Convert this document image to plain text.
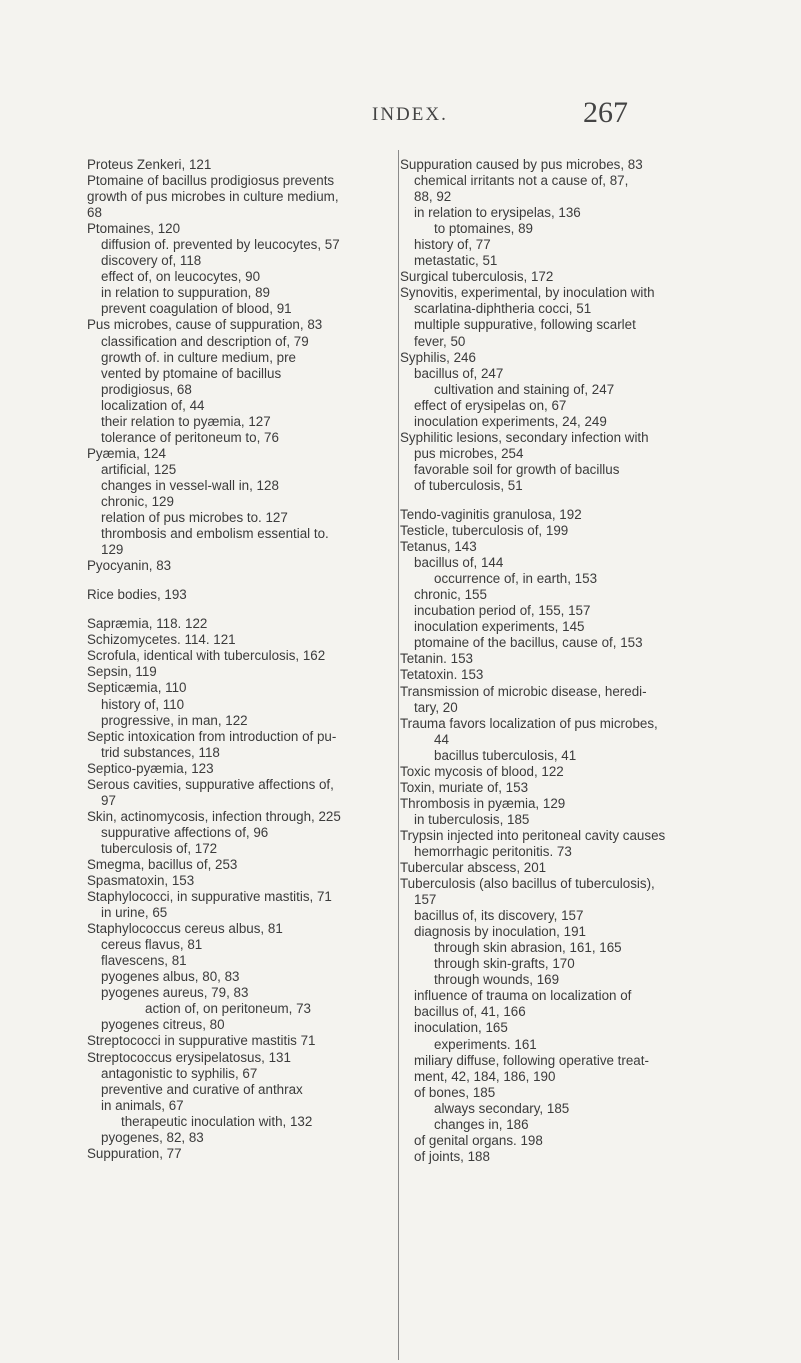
INDEX.	267
Proteus Zenkeri, 121
Ptomaine of bacillus prodigiosus prevents
growth of pus microbes in culture medium,
68
Ptomaines, 120
diffusion of. prevented by leucocytes, 57
discovery of, 118
effect of, on leucocytes, 90
in relation to suppuration, 89
prevent coagulation of blood, 91
Pus microbes, cause of suppuration, 83
classification and description of, 79
growth of. in culture medium, pre
vented by ptomaine of bacillus
prodigiosus, 68
localization of, 44
their relation to pyæmia, 127
tolerance of peritoneum to, 76
Pyæmia, 124
artificial, 125
changes in vessel-wall in, 128
chronic, 129
relation of pus microbes to. 127
thrombosis and embolism essential to.
129
Pyocyanin, 83
Rice bodies, 193
Sapræmia, 118. 122
Schizomycetes. 114. 121
Scrofula, identical with tuberculosis, 162
Sepsin, 119
Septicæmia, 110
history of, 110
progressive, in man, 122
Septic intoxication from introduction of pu-
trid substances, 118
Septico-pyæmia, 123
Serous cavities, suppurative affections of,
97
Skin, actinomycosis, infection through, 225
suppurative affections of, 96
tuberculosis of, 172
Smegma, bacillus of, 253
Spasmatoxin, 153
Staphylococci, in suppurative mastitis, 71
in urine, 65
Staphylococcus cereus albus, 81
cereus flavus, 81
flavescens, 81
pyogenes albus, 80, 83
pyogenes aureus, 79, 83
action of, on peritoneum, 73
pyogenes citreus, 80
Streptococci in suppurative mastitis 71
Streptococcus erysipelatosus, 131
antagonistic to syphilis, 67
preventive and curative of anthrax
in animals, 67
therapeutic inoculation with, 132
pyogenes, 82, 83
Suppuration, 77
Suppuration caused by pus microbes, 83
chemical irritants not a cause of, 87,
88, 92
in relation to erysipelas, 136
to ptomaines, 89
history of, 77
metastatic, 51
Surgical tuberculosis, 172
Synovitis, experimental, by inoculation with
scarlatina-diphtheria cocci, 51
multiple suppurative, following scarlet
fever, 50
Syphilis, 246
bacillus of, 247
cultivation and staining of, 247
effect of erysipelas on, 67
inoculation experiments, 24, 249
Syphilitic lesions, secondary infection with
pus microbes, 254
favorable soil for growth of bacillus
of tuberculosis, 51
Tendo-vaginitis granulosa, 192
Testicle, tuberculosis of, 199
Tetanus, 143
bacillus of, 144
occurrence of, in earth, 153
chronic, 155
incubation period of, 155, 157
inoculation experiments, 145
ptomaine of the bacillus, cause of, 153
Tetanin. 153
Tetatoxin. 153
Transmission of microbic disease, heredi-
tary, 20
Trauma favors localization of pus microbes,
44
bacillus tuberculosis, 41
Toxic mycosis of blood, 122
Toxin, muriate of, 153
Thrombosis in pyæmia, 129
in tuberculosis, 185
Trypsin injected into peritoneal cavity causes
hemorrhagic peritonitis. 73
Tubercular abscess, 201
Tuberculosis (also bacillus of tuberculosis),
157
bacillus of, its discovery, 157
diagnosis by inoculation, 191
through skin abrasion, 161, 165
through skin-grafts, 170
through wounds, 169
influence of trauma on localization of
bacillus of, 41, 166
inoculation, 165
experiments. 161
miliary diffuse, following operative treat-
ment, 42, 184, 186, 190
of bones, 185
always secondary, 185
changes in, 186
of genital organs. 198
of joints, 188
